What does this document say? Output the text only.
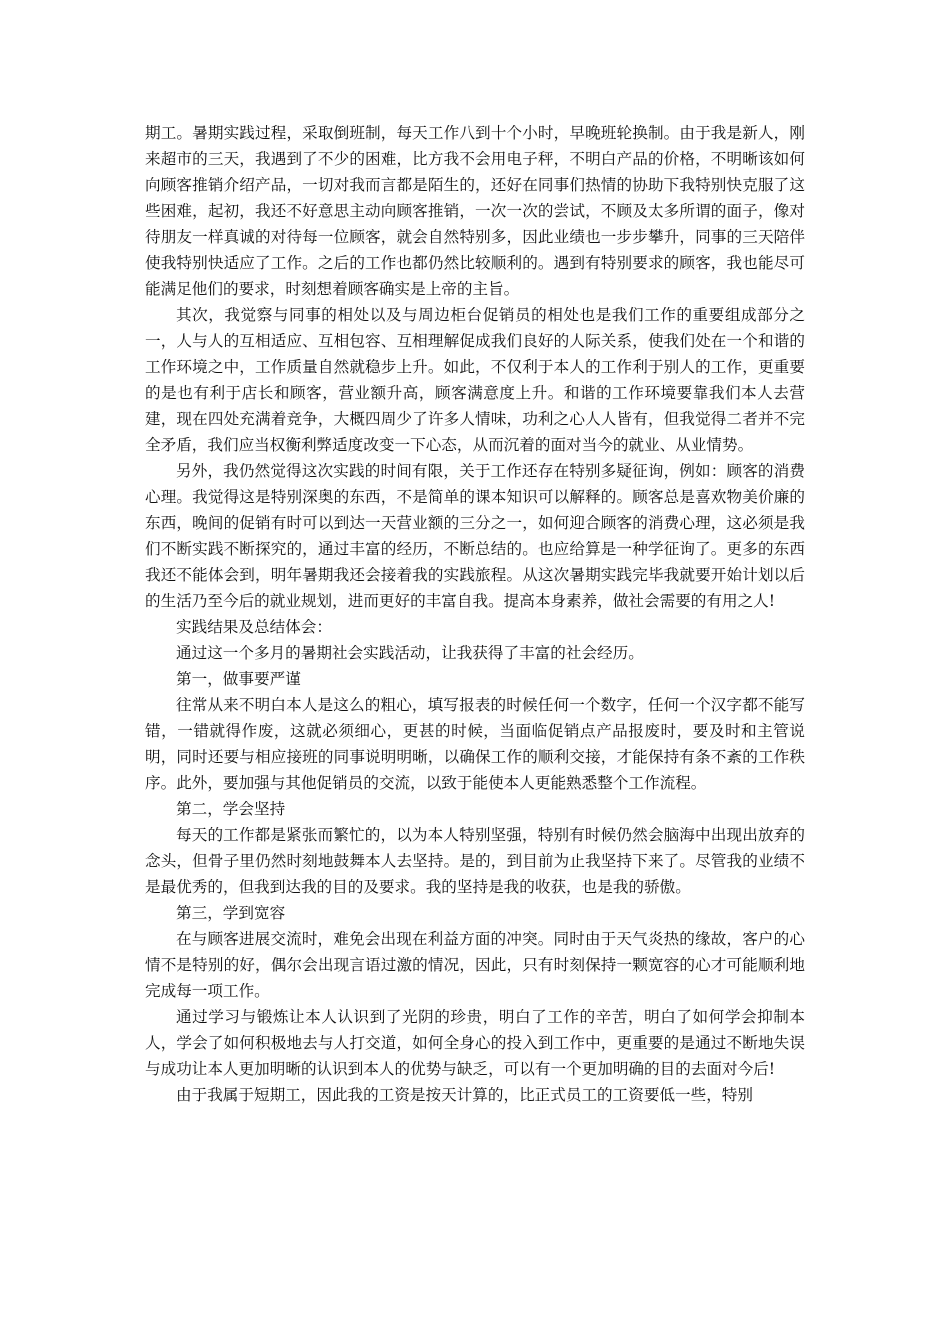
期工。暑期实践过程，采取倒班制，每天工作八到十个小时，早晚班轮换制。由于我是新人，刚来超市的三天，我遇到了不少的困难，比方我不会用电子秤，不明白产品的价格，不明晰该如何向顾客推销介绍产品，一切对我而言都是陌生的，还好在同事们热情的协助下我特别快克服了这些困难，起初，我还不好意思主动向顾客推销，一次一次的尝试，不顾及太多所谓的面子，像对待朋友一样真诚的对待每一位顾客，就会自然特别多，因此业绩也一步步攀升，同事的三天陪伴使我特别快适应了工作。之后的工作也都仍然比较顺利的。遇到有特别要求的顾客，我也能尽可能满足他们的要求，时刻想着顾客确实是上帝的主旨。

其次，我觉察与同事的相处以及与周边柜台促销员的相处也是我们工作的重要组成部分之一，人与人的互相适应、互相包容、互相理解促成我们良好的人际关系，使我们处在一个和谐的工作环境之中，工作质量自然就稳步上升。如此，不仅利于本人的工作利于别人的工作，更重要的是也有利于店长和顾客，营业额升高，顾客满意度上升。和谐的工作环境要靠我们本人去营建，现在四处充满着竞争，大概四周少了许多人情味，功利之心人人皆有，但我觉得二者并不完全矛盾，我们应当权衡利弊适度改变一下心态，从而沉着的面对当今的就业、从业情势。

另外，我仍然觉得这次实践的时间有限，关于工作还存在特别多疑征询，例如：顾客的消费心理。我觉得这是特别深奥的东西，不是简单的课本知识可以解释的。顾客总是喜欢物美价廉的东西，晚间的促销有时可以到达一天营业额的三分之一，如何迎合顾客的消费心理，这必须是我们不断实践不断探究的，通过丰富的经历，不断总结的。也应给算是一种学征询了。更多的东西我还不能体会到，明年暑期我还会接着我的实践旅程。从这次暑期实践完毕我就要开始计划以后的生活乃至今后的就业规划，进而更好的丰富自我。提高本身素养，做社会需要的有用之人!

实践结果及总结体会：

通过这一个多月的暑期社会实践活动，让我获得了丰富的社会经历。

第一，做事要严谨

往常从来不明白本人是这么的粗心，填写报表的时候任何一个数字，任何一个汉字都不能写错，一错就得作废，这就必须细心，更甚的时候，当面临促销点产品报废时，要及时和主管说明，同时还要与相应接班的同事说明明晰，以确保工作的顺利交接，才能保持有条不紊的工作秩序。此外，要加强与其他促销员的交流，以致于能使本人更能熟悉整个工作流程。

第二，学会坚持

每天的工作都是紧张而繁忙的，以为本人特别坚强，特别有时候仍然会脑海中出现出放弃的念头，但骨子里仍然时刻地鼓舞本人去坚持。是的，到目前为止我坚持下来了。尽管我的业绩不是最优秀的，但我到达我的目的及要求。我的坚持是我的收获，也是我的骄傲。

第三，学到宽容

在与顾客进展交流时，难免会出现在利益方面的冲突。同时由于天气炎热的缘故，客户的心情不是特别的好，偶尔会出现言语过激的情况，因此，只有时刻保持一颗宽容的心才可能顺利地完成每一项工作。

通过学习与锻炼让本人认识到了光阴的珍贵，明白了工作的辛苦，明白了如何学会抑制本人，学会了如何积极地去与人打交道，如何全身心的投入到工作中，更重要的是通过不断地失误与成功让本人更加明晰的认识到本人的优势与缺乏，可以有一个更加明确的目的去面对今后!

由于我属于短期工，因此我的工资是按天计算的，比正式员工的工资要低一些，特别
